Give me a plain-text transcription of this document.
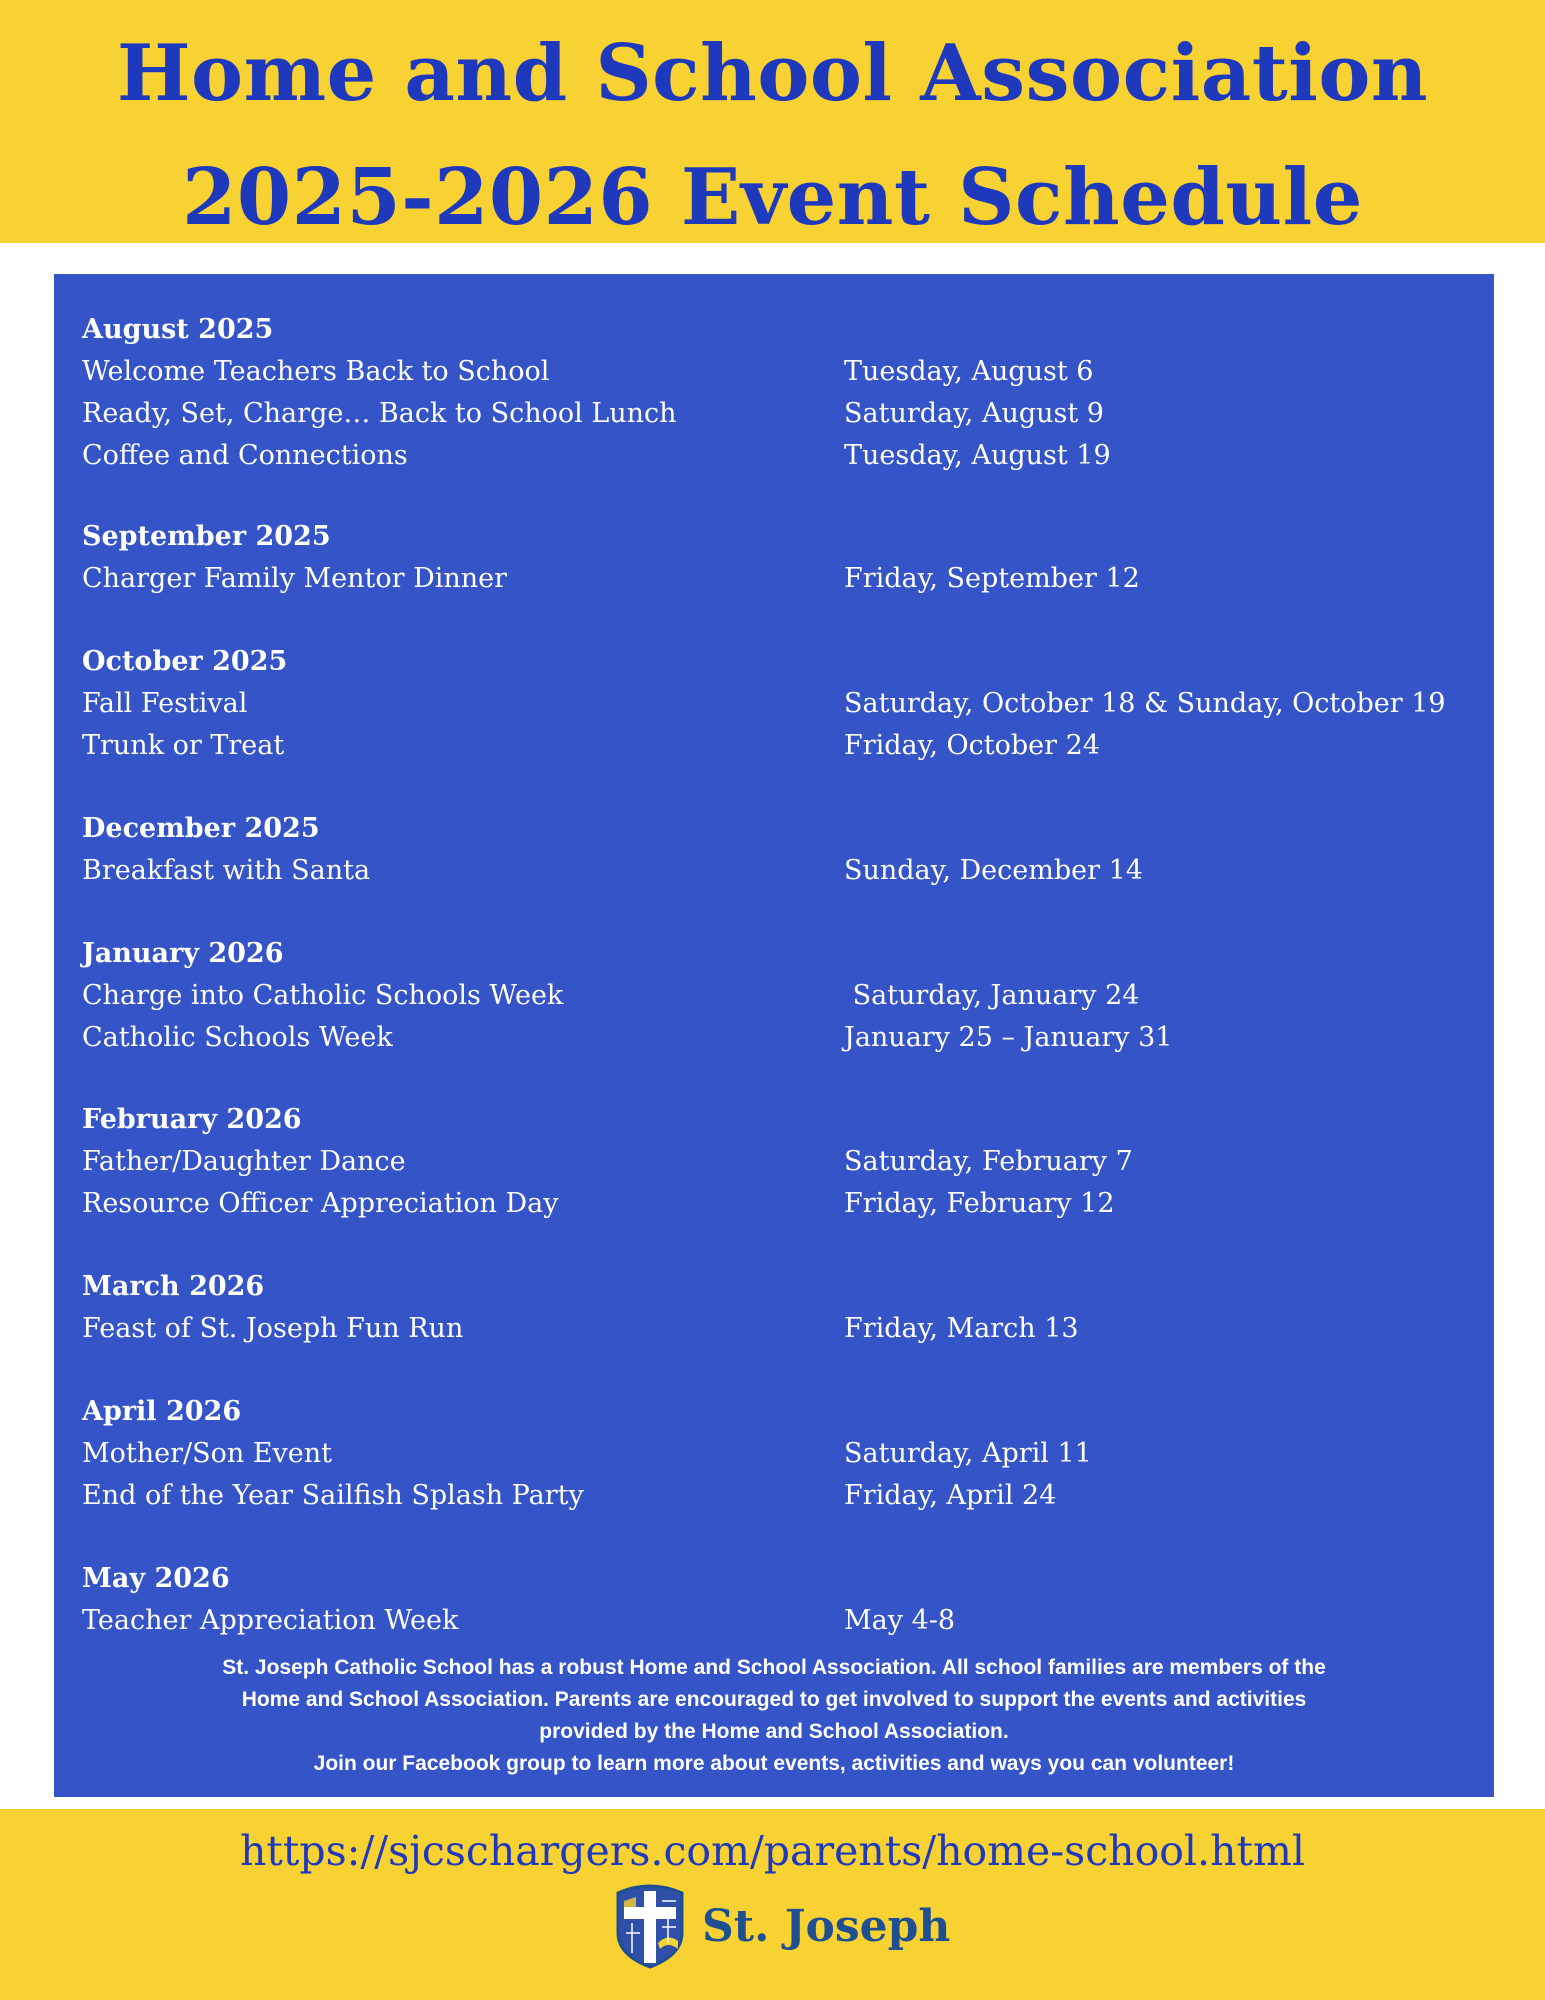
Home and School Association
2025-2026 Event Schedule
May 2026
Teacher Appreciation Week	May 4-8
April 2026
Mother/Son Event	Saturday, April 11
End of the Year Sailfish Splash Party	Friday, April 24
March 2026
Feast of St. Joseph Fun Run	Friday, March 13
February 2026
Father/Daughter Dance	Saturday, February 7
Resource Officer Appreciation Day	Friday, February 12
January 2026
Charge into Catholic Schools Week	Saturday, January 24
Catholic Schools Week	January 25 – January 31
December 2025
Breakfast with Santa	Sunday, December 14
October 2025
Fall Festival	Saturday, October 18 & Sunday, October 19
Trunk or Treat	Friday, October 24
September 2025
Charger Family Mentor Dinner	Friday, September 12
August 2025
Welcome Teachers Back to School	Tuesday, August 6
Ready, Set, Charge… Back to School Lunch	Saturday, August 9
Coffee and Connections	Tuesday, August 19
St. Joseph Catholic School has a robust Home and School Association. All school families are members of the
Home and School Association. Parents are encouraged to get involved to support the events and activities
provided by the Home and School Association.
Join our Facebook group to learn more about events, activities and ways you can volunteer!
https://sjcschargers.com/parents/home-school.html
St. Joseph
